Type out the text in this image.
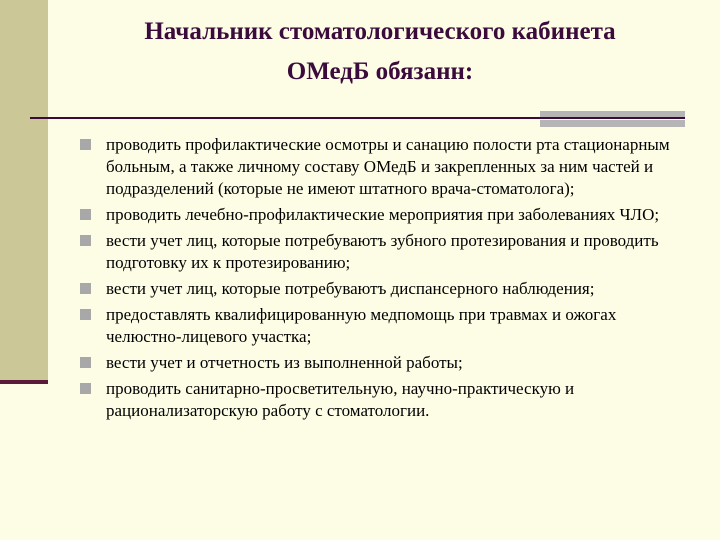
Начальник стоматологического кабинета
ОМедБ обязанн:
проводить профилактические осмотры и санацию полости рта стационарным больным, а также личному составу ОМедБ и закрепленных за ним частей и подразделений (которые не имеют штатного врача-стоматолога);
проводить лечебно-профилактические мероприятия при заболеваниях ЧЛО;
вести учет лиц, которые потребуваютъ зубного протезирования и проводить подготовку их к протезированию;
вести учет лиц, которые потребуваютъ диспансерного наблюдения;
предоставлять квалифицированную медпомощь при травмах и ожогах челюстно-лицевого участка;
вести учет и отчетность из выполненной работы;
проводить санитарно-просветительную, научно-практическую и рационализаторскую работу с стоматологии.
